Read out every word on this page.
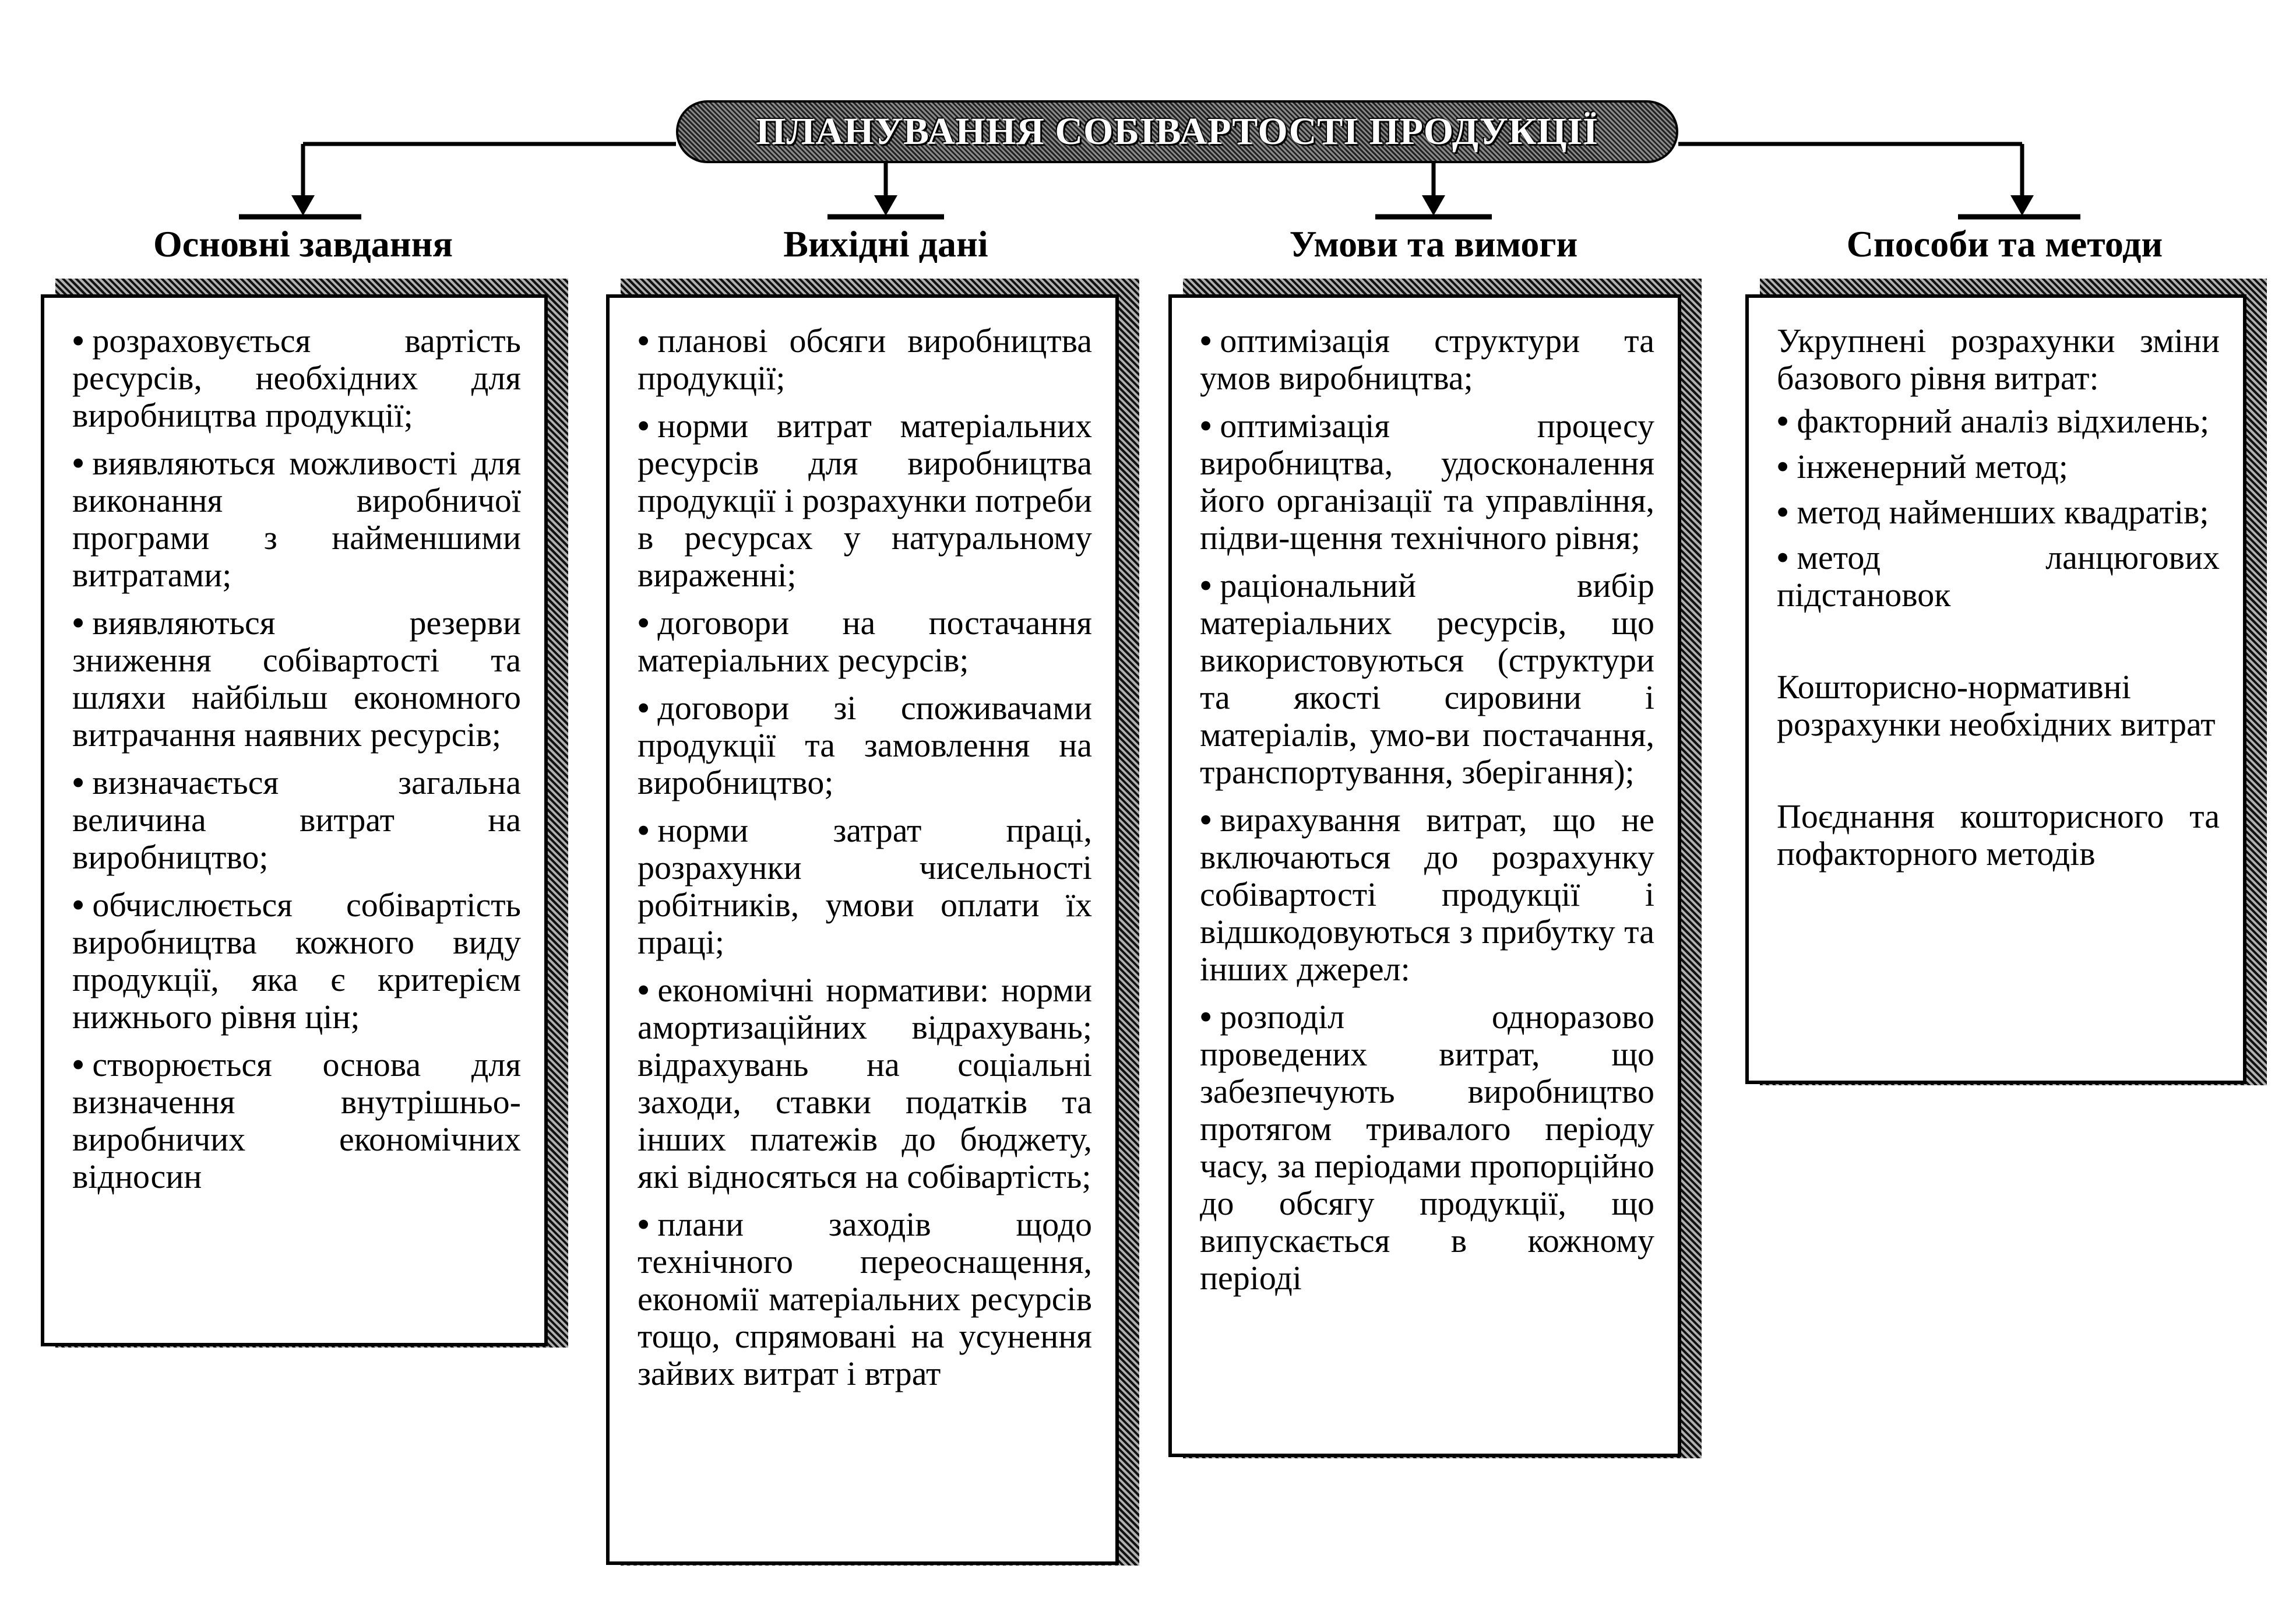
ПЛАНУВАННЯ СОБІВАРТОСТІ ПРОДУКЦІЇ
Основні завдання	Вихідні дані	Умови та вимоги	Способи та методи
• розраховується вартість ресурсів, необхідних для виробництва продукції;
• виявляються можливості для виконання виробничої програми з найменшими витратами;
• виявляються резерви зниження собівартості та шляхи найбільш економного витрачання наявних ресурсів;
• визначається загальна величина витрат на виробництво;
• обчислюється собівартість виробництва кожного виду продукції, яка є критерієм нижнього рівня цін;
• створюється основа для визначення внутрішньо-виробничих економічних відносин
• планові обсяги виробництва продукції;
• норми витрат матеріальних ресурсів для виробництва продукції і розрахунки потреби в ресурсах у натуральному вираженні;
• договори на постачання матеріальних ресурсів;
• договори зі споживачами продукції та замовлення на виробництво;
• норми затрат праці, розрахунки чисельності робітників, умови оплати їх праці;
• економічні нормативи: норми амортизаційних відрахувань; відрахувань на соціальні заходи, ставки податків та інших платежів до бюджету, які відносяться на собівартість;
• плани заходів щодо технічного переоснащення, економії матеріальних ресурсів тощо, спрямовані на усунення зайвих витрат і втрат
• оптимізація структури та умов виробництва;
• оптимізація процесу виробництва, удосконалення його організації та управління, підви-щення технічного рівня;
• раціональний вибір матеріальних ресурсів, що використовуються (структури та якості сировини і матеріалів, умо-ви постачання, транспортування, зберігання);
• вирахування витрат, що не включаються до розрахунку собівартості продукції і відшкодовуються з прибутку та інших джерел:
• розподіл одноразово проведених витрат, що забезпечують виробництво протягом тривалого періоду часу, за періодами пропорційно до обсягу продукції, що випускається в кожному періоді
Укрупнені розрахунки зміни базового рівня витрат:
• факторний аналіз відхилень;
• інженерний метод;
• метод найменших квадратів;
• метод ланцюгових підстановок
Кошторисно-нормативні розрахунки необхідних витрат
Поєднання кошторисного та пофакторного методів
